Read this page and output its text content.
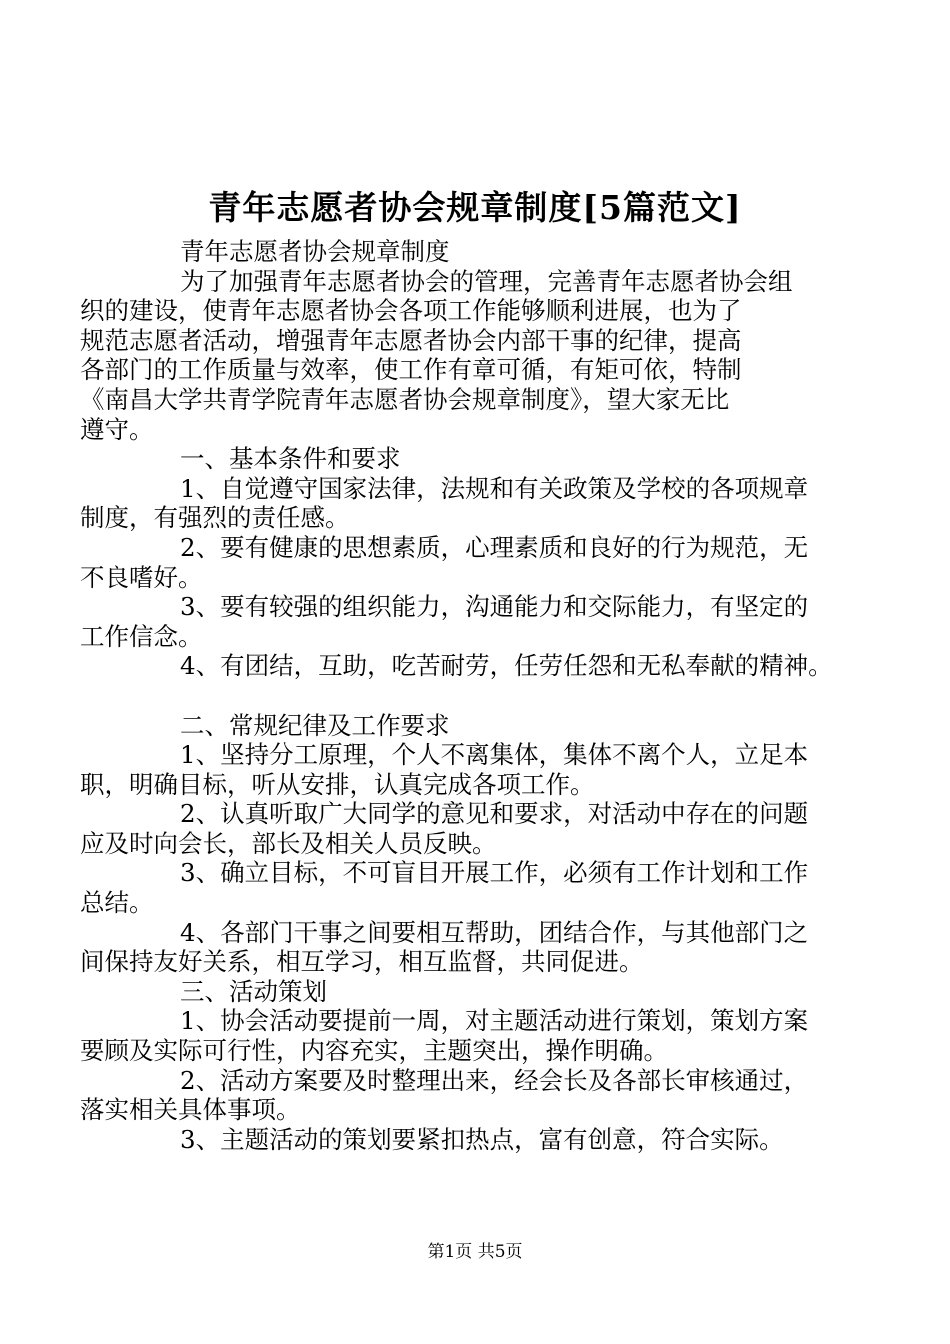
青年志愿者协会规章制度[5篇范文]

青年志愿者协会规章制度

为了加强青年志愿者协会的管理，完善青年志愿者协会组
织的建设，使青年志愿者协会各项工作能够顺利进展，也为了
规范志愿者活动，增强青年志愿者协会内部干事的纪律，提高
各部门的工作质量与效率，使工作有章可循，有矩可依，特制
《南昌大学共青学院青年志愿者协会规章制度》，望大家无比
遵守。

一、基本条件和要求

1、自觉遵守国家法律，法规和有关政策及学校的各项规章
制度，有强烈的责任感。

2、要有健康的思想素质，心理素质和良好的行为规范，无
不良嗜好。

3、要有较强的组织能力，沟通能力和交际能力，有坚定的
工作信念。

4、有团结，互助，吃苦耐劳，任劳任怨和无私奉献的精神。

二、常规纪律及工作要求

1、坚持分工原理，个人不离集体，集体不离个人，立足本
职，明确目标，听从安排，认真完成各项工作。

2、认真听取广大同学的意见和要求，对活动中存在的问题
应及时向会长，部长及相关人员反映。

3、确立目标，不可盲目开展工作，必须有工作计划和工作
总结。

4、各部门干事之间要相互帮助，团结合作，与其他部门之
间保持友好关系，相互学习，相互监督，共同促进。

三、活动策划

1、协会活动要提前一周，对主题活动进行策划，策划方案
要顾及实际可行性，内容充实，主题突出，操作明确。

2、活动方案要及时整理出来，经会长及各部长审核通过，
落实相关具体事项。

3、主题活动的策划要紧扣热点，富有创意，符合实际。

第1页 共5页
